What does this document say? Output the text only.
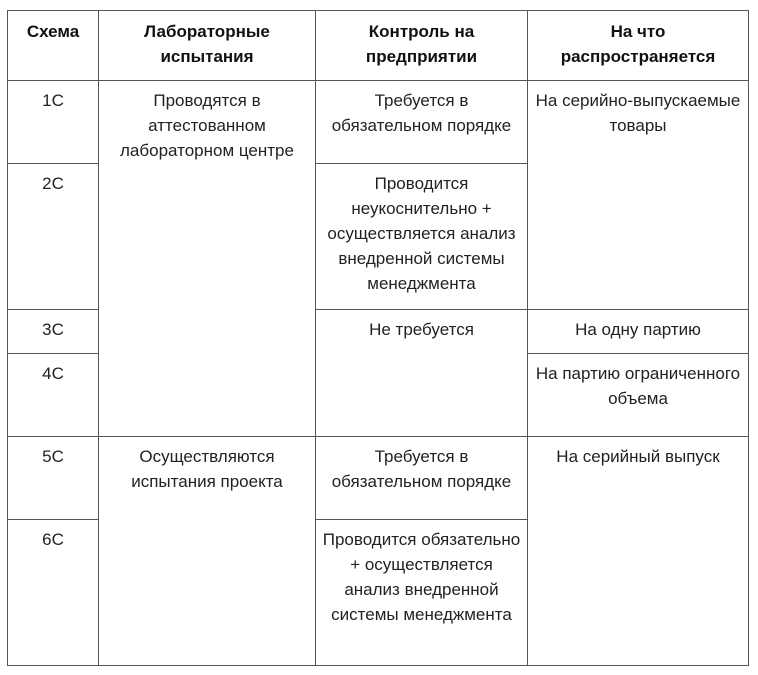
Схема	Лабораторные испытания	Контроль на предприятии	На что распространяется
1С	Проводятся в аттестованном лабораторном центре	Требуется в обязательном порядке	На серийно-выпускаемые товары
2С		Проводится неукоснительно + осуществляется анализ внедренной системы менеджмента	
3С		Не требуется	На одну партию
4С			На партию ограниченного объема
5С	Осуществляются испытания проекта	Требуется в обязательном порядке	На серийный выпуск
6С		Проводится обязательно + осуществляется анализ внедренной системы менеджмента	
